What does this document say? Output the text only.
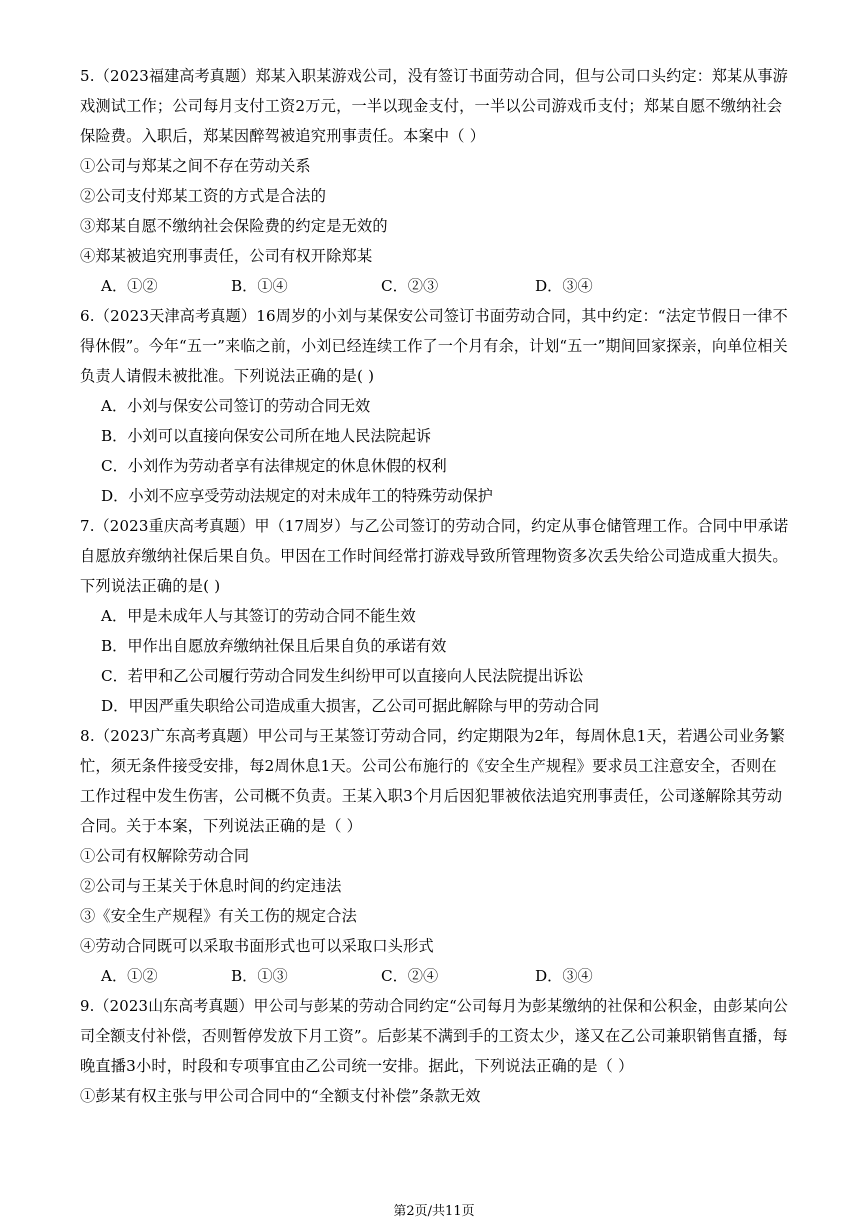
5.（2023福建高考真题）郑某入职某游戏公司，没有签订书面劳动合同，但与公司口头约定：郑某从事游
戏测试工作；公司每月支付工资2万元，一半以现金支付，一半以公司游戏币支付；郑某自愿不缴纳社会
保险费。入职后，郑某因醉驾被追究刑事责任。本案中（ ）
①公司与郑某之间不存在劳动关系
②公司支付郑某工资的方式是合法的
③郑某自愿不缴纳社会保险费的约定是无效的
④郑某被追究刑事责任，公司有权开除郑某
A．①②	B．①④	C．②③	D．③④
6.（2023天津高考真题）16周岁的小刘与某保安公司签订书面劳动合同，其中约定：“法定节假日一律不
得休假”。今年“五一”来临之前，小刘已经连续工作了一个月有余，计划“五一”期间回家探亲，向单位相关
负责人请假未被批准。下列说法正确的是( )
A．小刘与保安公司签订的劳动合同无效
B．小刘可以直接向保安公司所在地人民法院起诉
C．小刘作为劳动者享有法律规定的休息休假的权利
D．小刘不应享受劳动法规定的对未成年工的特殊劳动保护
7.（2023重庆高考真题）甲（17周岁）与乙公司签订的劳动合同，约定从事仓储管理工作。合同中甲承诺
自愿放弃缴纳社保后果自负。甲因在工作时间经常打游戏导致所管理物资多次丢失给公司造成重大损失。
下列说法正确的是( )
A．甲是未成年人与其签订的劳动合同不能生效
B．甲作出自愿放弃缴纳社保且后果自负的承诺有效
C．若甲和乙公司履行劳动合同发生纠纷甲可以直接向人民法院提出诉讼
D．甲因严重失职给公司造成重大损害，乙公司可据此解除与甲的劳动合同
8.（2023广东高考真题）甲公司与王某签订劳动合同，约定期限为2年，每周休息1天，若遇公司业务繁
忙，须无条件接受安排，每2周休息1天。公司公布施行的《安全生产规程》要求员工注意安全，否则在
工作过程中发生伤害，公司概不负责。王某入职3个月后因犯罪被依法追究刑事责任，公司遂解除其劳动
合同。关于本案，下列说法正确的是（ ）
①公司有权解除劳动合同
②公司与王某关于休息时间的约定违法
③《安全生产规程》有关工伤的规定合法
④劳动合同既可以采取书面形式也可以采取口头形式
A．①②	B．①③	C．②④	D．③④
9.（2023山东高考真题）甲公司与彭某的劳动合同约定“公司每月为彭某缴纳的社保和公积金，由彭某向公
司全额支付补偿，否则暂停发放下月工资”。后彭某不满到手的工资太少，遂又在乙公司兼职销售直播，每
晚直播3小时，时段和专项事宜由乙公司统一安排。据此，下列说法正确的是（ ）
①彭某有权主张与甲公司合同中的“全额支付补偿”条款无效
第2页/共11页
